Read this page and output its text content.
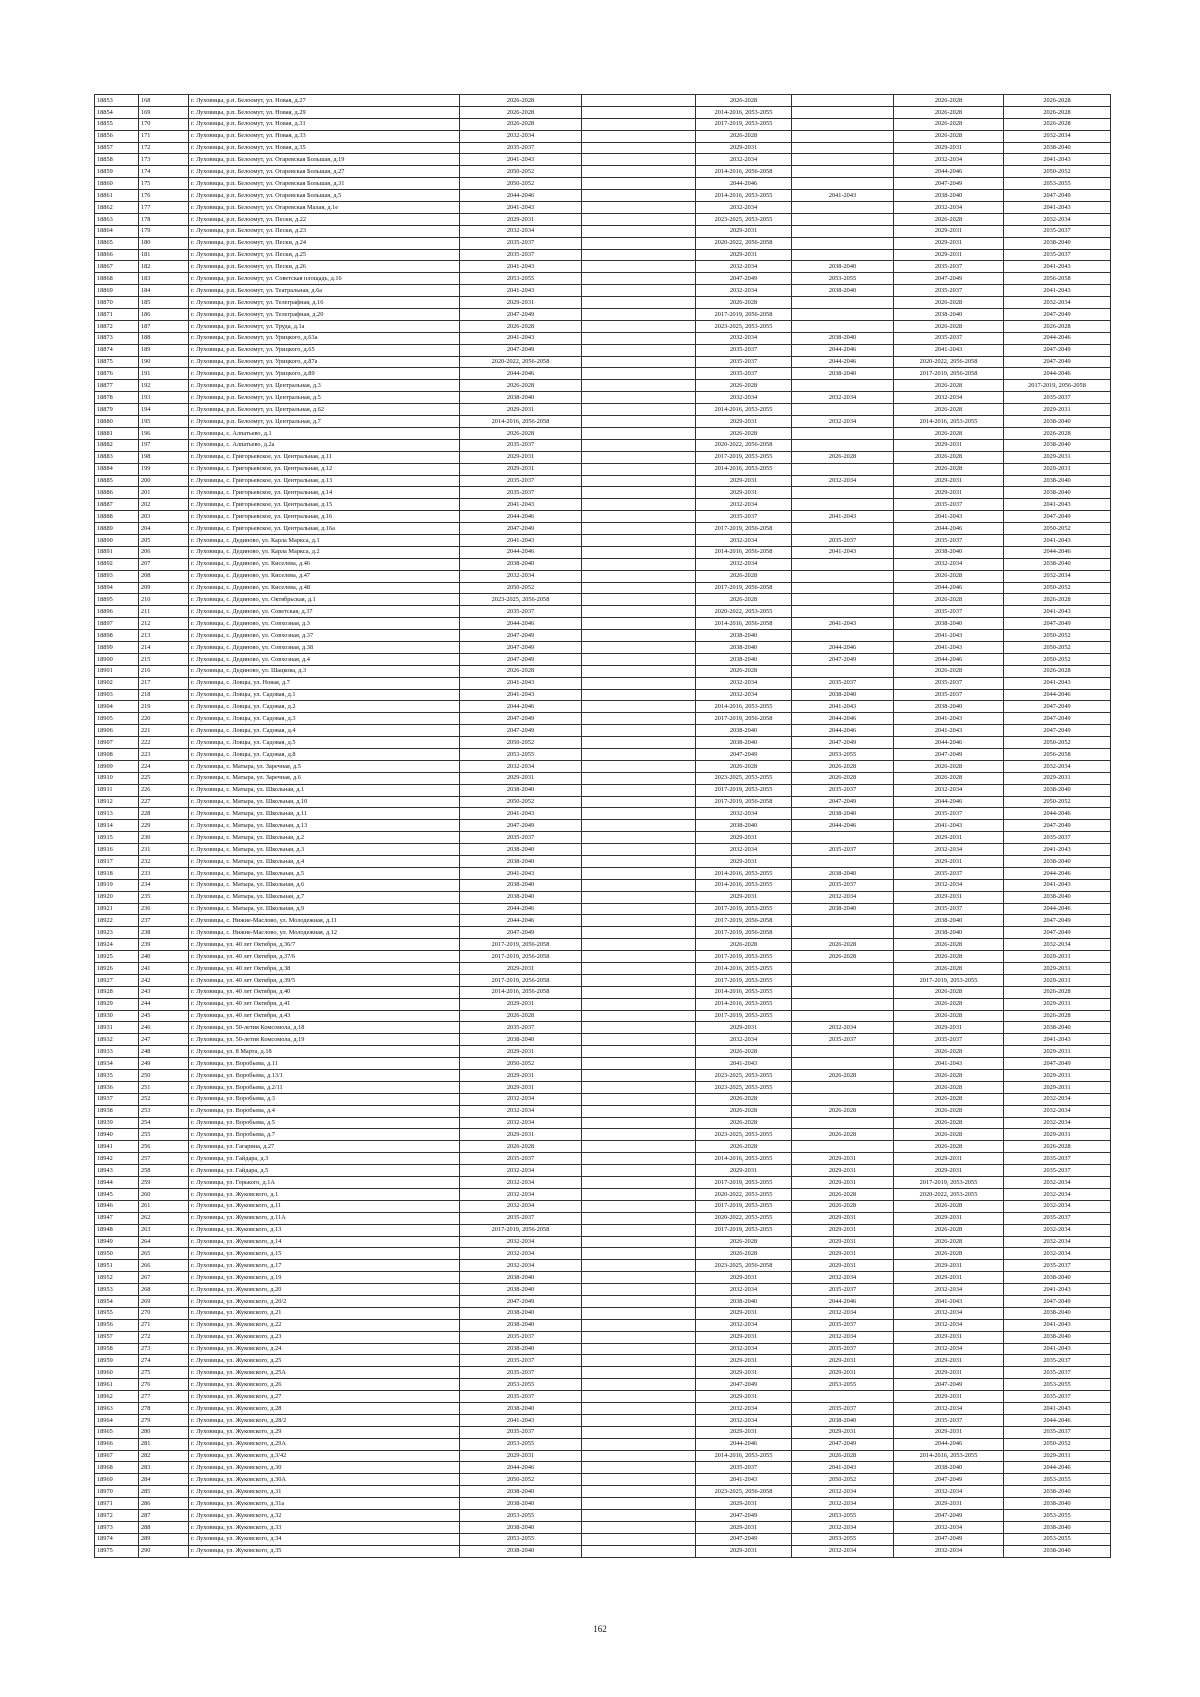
18853	168	г. Луховицы, р.п. Белоомут, ул. Новая, д.27	2026-2028		2026-2028		2026-2028	2026-2028
18854	169	г. Луховицы, р.п. Белоомут, ул. Новая, д.29	2026-2028		2014-2016, 2053-2055		2026-2028	2026-2028
18855	170	г. Луховицы, р.п. Белоомут, ул. Новая, д.31	2026-2028		2017-2019, 2053-2055		2026-2028	2026-2028
18856	171	г. Луховицы, р.п. Белоомут, ул. Новая, д.33	2032-2034		2026-2028		2026-2028	2032-2034
18857	172	г. Луховицы, р.п. Белоомут, ул. Новая, д.35	2035-2037		2029-2031		2029-2031	2038-2040
18858	173	г. Луховицы, р.п. Белоомут, ул. Огаревская Большая, д.19	2041-2043		2032-2034		2032-2034	2041-2043
18859	174	г. Луховицы, р.п. Белоомут, ул. Огаревская Большая, д.27	2050-2052		2014-2016, 2056-2058		2044-2046	2050-2052
18860	175	г. Луховицы, р.п. Белоомут, ул. Огаревская Большая, д.31	2050-2052		2044-2046		2047-2049	2053-2055
18861	176	г. Луховицы, р.п. Белоомут, ул. Огаревская Большая, д.5	2044-2046		2014-2016, 2053-2055	2041-2043	2038-2040	2047-2049
18862	177	г. Луховицы, р.п. Белоомут, ул. Огаревская Малая, д.1е	2041-2043		2032-2034		2032-2034	2041-2043
18863	178	г. Луховицы, р.п. Белоомут, ул. Пески, д.22	2029-2031		2023-2025, 2053-2055		2026-2028	2032-2034
18864	179	г. Луховицы, р.п. Белоомут, ул. Пески, д.23	2032-2034		2029-2031		2029-2031	2035-2037
18865	180	г. Луховицы, р.п. Белоомут, ул. Пески, д.24	2035-2037		2020-2022, 2056-2058		2029-2031	2038-2040
18866	181	г. Луховицы, р.п. Белоомут, ул. Пески, д.25	2035-2037		2029-2031		2029-2031	2035-2037
18867	182	г. Луховицы, р.п. Белоомут, ул. Пески, д.26	2041-2043		2032-2034	2038-2040	2035-2037	2041-2043
18868	183	г. Луховицы, р.п. Белоомут, ул. Советская площадь, д.16	2053-2055		2047-2049	2053-2055	2047-2049	2056-2058
18869	184	г. Луховицы, р.п. Белоомут, ул. Театральная, д.6а	2041-2043		2032-2034	2038-2040	2035-2037	2041-2043
18870	185	г. Луховицы, р.п. Белоомут, ул. Телеграфная, д.16	2029-2031		2026-2028		2026-2028	2032-2034
18871	186	г. Луховицы, р.п. Белоомут, ул. Телеграфная, д.20	2047-2049		2017-2019, 2056-2058		2038-2040	2047-2049
18872	187	г. Луховицы, р.п. Белоомут, ул. Труда, д.1а	2026-2028		2023-2025, 2053-2055		2026-2028	2026-2028
18873	188	г. Луховицы, р.п. Белоомут, ул. Урицкого, д.63а	2041-2043		2032-2034	2038-2040	2035-2037	2044-2046
18874	189	г. Луховицы, р.п. Белоомут, ул. Урицкого, д.65	2047-2049		2035-2037	2044-2046	2041-2043	2047-2049
18875	190	г. Луховицы, р.п. Белоомут, ул. Урицкого, д.87а	2020-2022, 2056-2058		2035-2037	2044-2046	2020-2022, 2056-2058	2047-2049
18876	191	г. Луховицы, р.п. Белоомут, ул. Урицкого, д.89	2044-2046		2035-2037	2038-2040	2017-2019, 2056-2058	2044-2046
18877	192	г. Луховицы, р.п. Белоомут, ул. Центральная, д.3	2026-2028		2026-2028		2026-2028	2017-2019, 2056-2058
18878	193	г. Луховицы, р.п. Белоомут, ул. Центральная, д.5	2038-2040		2032-2034	2032-2034	2032-2034	2035-2037
18879	194	г. Луховицы, р.п. Белоомут, ул. Центральная, д.62	2029-2031		2014-2016, 2053-2055		2026-2028	2029-2031
18880	195	г. Луховицы, р.п. Белоомут, ул. Центральная, д.7	2014-2016, 2056-2058		2029-2031	2032-2034	2014-2016, 2053-2055	2038-2040
18881	196	г. Луховицы, с. Алпатьево, д.1	2026-2028		2026-2028		2026-2028	2026-2028
18882	197	г. Луховицы, с. Алпатьево, д.2а	2035-2037		2020-2022, 2056-2058		2029-2031	2038-2040
18883	198	г. Луховицы, с. Григорьевское, ул. Центральная, д.11	2029-2031		2017-2019, 2053-2055	2026-2028	2026-2028	2029-2031
18884	199	г. Луховицы, с. Григорьевское, ул. Центральная, д.12	2029-2031		2014-2016, 2053-2055		2026-2028	2029-2031
18885	200	г. Луховицы, с. Григорьевское, ул. Центральная, д.13	2035-2037		2029-2031	2032-2034	2029-2031	2038-2040
18886	201	г. Луховицы, с. Григорьевское, ул. Центральная, д.14	2035-2037		2029-2031		2029-2031	2038-2040
18887	202	г. Луховицы, с. Григорьевское, ул. Центральная, д.15	2041-2043		2032-2034		2035-2037	2041-2043
18888	203	г. Луховицы, с. Григорьевское, ул. Центральная, д.16	2044-2046		2035-2037	2041-2043	2041-2043	2047-2049
18889	204	г. Луховицы, с. Григорьевское, ул. Центральная, д.16а	2047-2049		2017-2019, 2056-2058		2044-2046	2050-2052
18890	205	г. Луховицы, с. Дединово, ул. Карла Маркса, д.1	2041-2043		2032-2034	2035-2037	2035-2037	2041-2043
18891	206	г. Луховицы, с. Дединово, ул. Карла Маркса, д.2	2044-2046		2014-2016, 2056-2058	2041-2043	2038-2040	2044-2046
18892	207	г. Луховицы, с. Дединово, ул. Киселева, д.46	2038-2040		2032-2034		2032-2034	2038-2040
18893	208	г. Луховицы, с. Дединово, ул. Киселева, д.47	2032-2034		2026-2028		2026-2028	2032-2034
18894	209	г. Луховицы, с. Дединово, ул. Киселева, д.48	2050-2052		2017-2019, 2056-2058		2044-2046	2050-2052
18895	210	г. Луховицы, с. Дединово, ул. Октябрьская, д.1	2023-2025, 2056-2058		2026-2028		2026-2028	2026-2028
18896	211	г. Луховицы, с. Дединово, ул. Советская, д.37	2035-2037		2020-2022, 2053-2055		2035-2037	2041-2043
18897	212	г. Луховицы, с. Дединово, ул. Совхозная, д.3	2044-2046		2014-2016, 2056-2058	2041-2043	2038-2040	2047-2049
18898	213	г. Луховицы, с. Дединово, ул. Совхозная, д.37	2047-2049		2038-2040		2041-2043	2050-2052
18899	214	г. Луховицы, с. Дединово, ул. Совхозная, д.38	2047-2049		2038-2040	2044-2046	2041-2043	2050-2052
18900	215	г. Луховицы, с. Дединово, ул. Совхозная, д.4	2047-2049		2038-2040	2047-2049	2044-2046	2050-2052
18901	216	г. Луховицы, с. Дединово, ул. Шацкова, д.3	2026-2028		2026-2028		2026-2028	2026-2028
18902	217	г. Луховицы, с. Ловцы, ул. Новая, д.7	2041-2043		2032-2034	2035-2037	2035-2037	2041-2043
18903	218	г. Луховицы, с. Ловцы, ул. Садовая, д.1	2041-2043		2032-2034	2038-2040	2035-2037	2044-2046
18904	219	г. Луховицы, с. Ловцы, ул. Садовая, д.2	2044-2046		2014-2016, 2053-2055	2041-2043	2038-2040	2047-2049
18905	220	г. Луховицы, с. Ловцы, ул. Садовая, д.3	2047-2049		2017-2019, 2056-2058	2044-2046	2041-2043	2047-2049
18906	221	г. Луховицы, с. Ловцы, ул. Садовая, д.4	2047-2049		2038-2040	2044-2046	2041-2043	2047-2049
18907	222	г. Луховицы, с. Ловцы, ул. Садовая, д.5	2050-2052		2038-2040	2047-2049	2044-2046	2050-2052
18908	223	г. Луховицы, с. Ловцы, ул. Садовая, д.8	2053-2055		2047-2049	2053-2055	2047-2049	2056-2058
18909	224	г. Луховицы, с. Матыра, ул. Заречная, д.5	2032-2034		2026-2028	2026-2028	2026-2028	2032-2034
18910	225	г. Луховицы, с. Матыра, ул. Заречная, д.6	2029-2031		2023-2025, 2053-2055	2026-2028	2026-2028	2029-2031
18911	226	г. Луховицы, с. Матыра, ул. Школьная, д.1	2038-2040		2017-2019, 2053-2055	2035-2037	2032-2034	2038-2040
18912	227	г. Луховицы, с. Матыра, ул. Школьная, д.10	2050-2052		2017-2019, 2056-2058	2047-2049	2044-2046	2050-2052
18913	228	г. Луховицы, с. Матыра, ул. Школьная, д.11	2041-2043		2032-2034	2038-2040	2035-2037	2044-2046
18914	229	г. Луховицы, с. Матыра, ул. Школьная, д.13	2047-2049		2038-2040	2044-2046	2041-2043	2047-2049
18915	230	г. Луховицы, с. Матыра, ул. Школьная, д.2	2035-2037		2029-2031		2029-2031	2035-2037
18916	231	г. Луховицы, с. Матыра, ул. Школьная, д.3	2038-2040		2032-2034	2035-2037	2032-2034	2041-2043
18917	232	г. Луховицы, с. Матыра, ул. Школьная, д.4	2038-2040		2029-2031		2029-2031	2038-2040
18918	233	г. Луховицы, с. Матыра, ул. Школьная, д.5	2041-2043		2014-2016, 2053-2055	2038-2040	2035-2037	2044-2046
18919	234	г. Луховицы, с. Матыра, ул. Школьная, д.6	2038-2040		2014-2016, 2053-2055	2035-2037	2032-2034	2041-2043
18920	235	г. Луховицы, с. Матыра, ул. Школьная, д.7	2038-2040		2029-2031	2032-2034	2029-2031	2038-2040
18921	236	г. Луховицы, с. Матыра, ул. Школьная, д.9	2044-2046		2017-2019, 2053-2055	2038-2040	2035-2037	2044-2046
18922	237	г. Луховицы, с. Нижне-Маслово, ул. Молодежная, д.11	2044-2046		2017-2019, 2056-2058		2038-2040	2047-2049
18923	238	г. Луховицы, с. Нижне-Маслово, ул. Молодежная, д.12	2047-2049		2017-2019, 2056-2058		2038-2040	2047-2049
18924	239	г. Луховицы, ул. 40 лет Октября, д.36/7	2017-2019, 2056-2058		2026-2028	2026-2028	2026-2028	2032-2034
18925	240	г. Луховицы, ул. 40 лет Октября, д.37/6	2017-2019, 2056-2058		2017-2019, 2053-2055	2026-2028	2026-2028	2029-2031
18926	241	г. Луховицы, ул. 40 лет Октября, д.38	2029-2031		2014-2016, 2053-2055		2026-2028	2029-2031
18927	242	г. Луховицы, ул. 40 лет Октября, д.39/5	2017-2019, 2056-2058		2017-2019, 2053-2055		2017-2019, 2053-2055	2029-2031
18928	243	г. Луховицы, ул. 40 лет Октября, д.40	2014-2016, 2056-2058		2014-2016, 2053-2055		2026-2028	2026-2028
18929	244	г. Луховицы, ул. 40 лет Октября, д.41	2029-2031		2014-2016, 2053-2055		2026-2028	2029-2031
18930	245	г. Луховицы, ул. 40 лет Октября, д.43	2026-2028		2017-2019, 2053-2055		2026-2028	2026-2028
18931	246	г. Луховицы, ул. 50-летия Комсомола, д.18	2035-2037		2029-2031	2032-2034	2029-2031	2038-2040
18932	247	г. Луховицы, ул. 50-летия Комсомола, д.19	2038-2040		2032-2034	2035-2037	2035-2037	2041-2043
18933	248	г. Луховицы, ул. 8 Марта, д.18	2029-2031		2026-2028		2026-2028	2029-2031
18934	249	г. Луховицы, ул. Воробьева, д.11	2050-2052		2041-2043		2041-2043	2047-2049
18935	250	г. Луховицы, ул. Воробьева, д.13/1	2029-2031		2023-2025, 2053-2055	2026-2028	2026-2028	2029-2031
18936	251	г. Луховицы, ул. Воробьева, д.2/11	2029-2031		2023-2025, 2053-2055		2026-2028	2029-2031
18937	252	г. Луховицы, ул. Воробьева, д.3	2032-2034		2026-2028		2026-2028	2032-2034
18938	253	г. Луховицы, ул. Воробьева, д.4	2032-2034		2026-2028	2026-2028	2026-2028	2032-2034
18939	254	г. Луховицы, ул. Воробьева, д.5	2032-2034		2026-2028		2026-2028	2032-2034
18940	255	г. Луховицы, ул. Воробьева, д.7	2029-2031		2023-2025, 2053-2055	2026-2028	2026-2028	2029-2031
18941	256	г. Луховицы, ул. Гагарина, д.27	2026-2028		2026-2028		2026-2028	2026-2028
18942	257	г. Луховицы, ул. Гайдара, д.3	2035-2037		2014-2016, 2053-2055	2029-2031	2029-2031	2035-2037
18943	258	г. Луховицы, ул. Гайдара, д.5	2032-2034		2029-2031	2029-2031	2029-2031	2035-2037
18944	259	г. Луховицы, ул. Горького, д.1А	2032-2034		2017-2019, 2053-2055	2029-2031	2017-2019, 2053-2055	2032-2034
18945	260	г. Луховицы, ул. Жуковского, д.1	2032-2034		2020-2022, 2053-2055	2026-2028	2020-2022, 2053-2055	2032-2034
18946	261	г. Луховицы, ул. Жуковского, д.11	2032-2034		2017-2019, 2053-2055	2026-2028	2026-2028	2032-2034
18947	262	г. Луховицы, ул. Жуковского, д.11А	2035-2037		2020-2022, 2053-2055	2029-2031	2029-2031	2035-2037
18948	263	г. Луховицы, ул. Жуковского, д.13	2017-2019, 2056-2058		2017-2019, 2053-2055	2029-2031	2026-2028	2032-2034
18949	264	г. Луховицы, ул. Жуковского, д.14	2032-2034		2026-2028	2029-2031	2026-2028	2032-2034
18950	265	г. Луховицы, ул. Жуковского, д.15	2032-2034		2026-2028	2029-2031	2026-2028	2032-2034
18951	266	г. Луховицы, ул. Жуковского, д.17	2032-2034		2023-2025, 2056-2058	2029-2031	2029-2031	2035-2037
18952	267	г. Луховицы, ул. Жуковского, д.19	2038-2040		2029-2031	2032-2034	2029-2031	2038-2040
18953	268	г. Луховицы, ул. Жуковского, д.20	2038-2040		2032-2034	2035-2037	2032-2034	2041-2043
18954	269	г. Луховицы, ул. Жуковского, д.20/2	2047-2049		2038-2040	2044-2046	2041-2043	2047-2049
18955	270	г. Луховицы, ул. Жуковского, д.21	2038-2040		2029-2031	2032-2034	2032-2034	2038-2040
18956	271	г. Луховицы, ул. Жуковского, д.22	2038-2040		2032-2034	2035-2037	2032-2034	2041-2043
18957	272	г. Луховицы, ул. Жуковского, д.23	2035-2037		2029-2031	2032-2034	2029-2031	2038-2040
18958	273	г. Луховицы, ул. Жуковского, д.24	2038-2040		2032-2034	2035-2037	2032-2034	2041-2043
18959	274	г. Луховицы, ул. Жуковского, д.25	2035-2037		2029-2031	2029-2031	2029-2031	2035-2037
18960	275	г. Луховицы, ул. Жуковского, д.25А	2035-2037		2029-2031	2029-2031	2029-2031	2035-2037
18961	276	г. Луховицы, ул. Жуковского, д.26	2053-2055		2047-2049	2053-2055	2047-2049	2053-2055
18962	277	г. Луховицы, ул. Жуковского, д.27	2035-2037		2029-2031		2029-2031	2035-2037
18963	278	г. Луховицы, ул. Жуковского, д.28	2038-2040		2032-2034	2035-2037	2032-2034	2041-2043
18964	279	г. Луховицы, ул. Жуковского, д.28/2	2041-2043		2032-2034	2038-2040	2035-2037	2044-2046
18965	280	г. Луховицы, ул. Жуковского, д.29	2035-2037		2029-2031	2029-2031	2029-2031	2035-2037
18966	281	г. Луховицы, ул. Жуковского, д.29А	2053-2055		2044-2046	2047-2049	2044-2046	2050-2052
18967	282	г. Луховицы, ул. Жуковского, д.3/42	2029-2031		2014-2016, 2053-2055	2026-2028	2014-2016, 2053-2055	2029-2031
18968	283	г. Луховицы, ул. Жуковского, д.30	2044-2046		2035-2037	2041-2043	2038-2040	2044-2046
18969	284	г. Луховицы, ул. Жуковского, д.30А	2050-2052		2041-2043	2050-2052	2047-2049	2053-2055
18970	285	г. Луховицы, ул. Жуковского, д.31	2038-2040		2023-2025, 2056-2058	2032-2034	2032-2034	2038-2040
18971	286	г. Луховицы, ул. Жуковского, д.31а	2038-2040		2029-2031	2032-2034	2029-2031	2038-2040
18972	287	г. Луховицы, ул. Жуковского, д.32	2053-2055		2047-2049	2053-2055	2047-2049	2053-2055
18973	288	г. Луховицы, ул. Жуковского, д.33	2038-2040		2029-2031	2032-2034	2032-2034	2038-2040
18974	289	г. Луховицы, ул. Жуковского, д.34	2053-2055		2047-2049	2053-2055	2047-2049	2053-2055
18975	290	г. Луховицы, ул. Жуковского, д.35	2038-2040		2029-2031	2032-2034	2032-2034	2038-2040
162
